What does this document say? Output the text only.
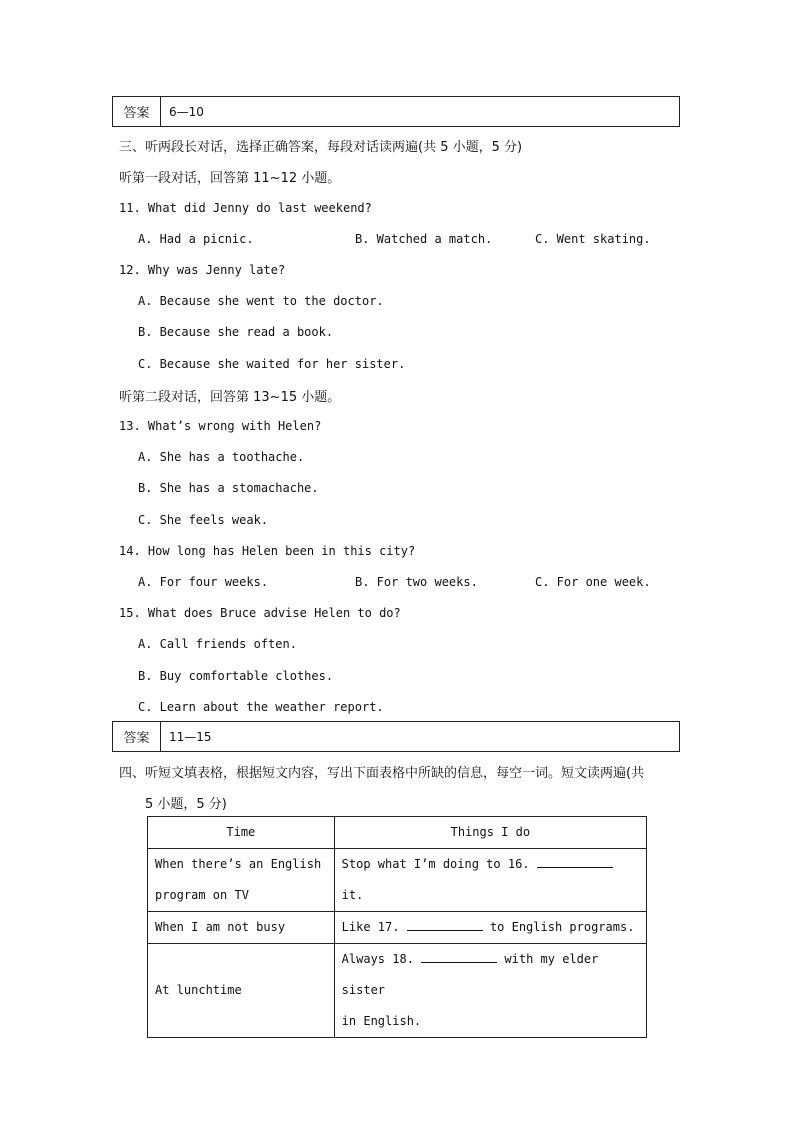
答案	6—10
三、听两段长对话，选择正确答案，每段对话读两遍(共 5 小题，5 分)
听第一段对话，回答第 11~12 小题。
11. What did Jenny do last weekend?
A. Had a picnic.	B. Watched a match.	C. Went skating.
12. Why was Jenny late?
A. Because she went to the doctor.
B. Because she read a book.
C. Because she waited for her sister.
听第二段对话，回答第 13~15 小题。
13. What’s wrong with Helen?
A. She has a toothache.
B. She has a stomachache.
C. She feels weak.
14. How long has Helen been in this city?
A. For four weeks.	B. For two weeks.	C. For one week.
15. What does Bruce advise Helen to do?
A. Call friends often.
B. Buy comfortable clothes.
C. Learn about the weather report.
答案	11—15
四、听短文填表格，根据短文内容，写出下面表格中所缺的信息，每空一词。短文读两遍(共
5 小题，5 分)
Time	Things I do

When there’s an English
program on TV	Stop what I’m doing to 16.  it.
When I am not busy	Like 17. to English programs.
At lunchtime	Always 18. with my elder sister
in English.
